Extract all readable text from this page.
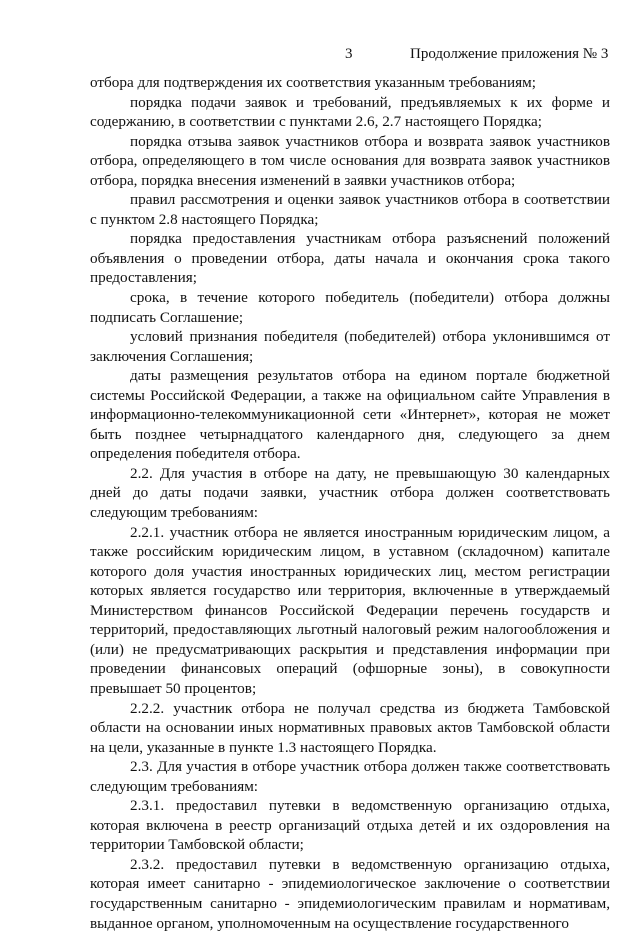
3	Продолжение приложения № 3

отбора для подтверждения их соответствия указанным требованиям;

порядка подачи заявок и требований, предъявляемых к их форме и содержанию, в соответствии с пунктами 2.6, 2.7 настоящего Порядка;

порядка отзыва заявок участников отбора и возврата заявок участников отбора, определяющего в том числе основания для возврата заявок участников отбора, порядка внесения изменений в заявки участников отбора;

правил рассмотрения и оценки заявок участников отбора в соответствии с пунктом 2.8 настоящего Порядка;

порядка предоставления участникам отбора разъяснений положений объявления о проведении отбора, даты начала и окончания срока такого предоставления;

срока, в течение которого победитель (победители) отбора должны подписать Соглашение;

условий признания победителя (победителей) отбора уклонившимся от заключения Соглашения;

даты размещения результатов отбора на едином портале бюджетной системы Российской Федерации, а также на официальном сайте Управления в информационно-телекоммуникационной сети «Интернет», которая не может быть позднее четырнадцатого календарного дня, следующего за днем определения победителя отбора.

2.2. Для участия в отборе на дату, не превышающую 30 календарных дней до даты подачи заявки, участник отбора должен соответствовать следующим требованиям:

2.2.1. участник отбора не является иностранным юридическим лицом, а также российским юридическим лицом, в уставном (складочном) капитале которого доля участия иностранных юридических лиц, местом регистрации которых является государство или территория, включенные в утверждаемый Министерством финансов Российской Федерации перечень государств и территорий, предоставляющих льготный налоговый режим налогообложения и (или) не предусматривающих раскрытия и представления информации при проведении финансовых операций (офшорные зоны), в совокупности превышает 50 процентов;

2.2.2. участник отбора не получал средства из бюджета Тамбовской области на основании иных нормативных правовых актов Тамбовской области на цели, указанные в пункте 1.3 настоящего Порядка.

2.3. Для участия в отборе участник отбора должен также соответствовать следующим требованиям:

2.3.1. предоставил путевки в ведомственную организацию отдыха, которая включена в реестр организаций отдыха детей и их оздоровления на территории Тамбовской области;

2.3.2. предоставил путевки в ведомственную организацию отдыха, которая имеет санитарно - эпидемиологическое заключение о соответствии государственным санитарно - эпидемиологическим правилам и нормативам, выданное органом, уполномоченным на осуществление государственного
